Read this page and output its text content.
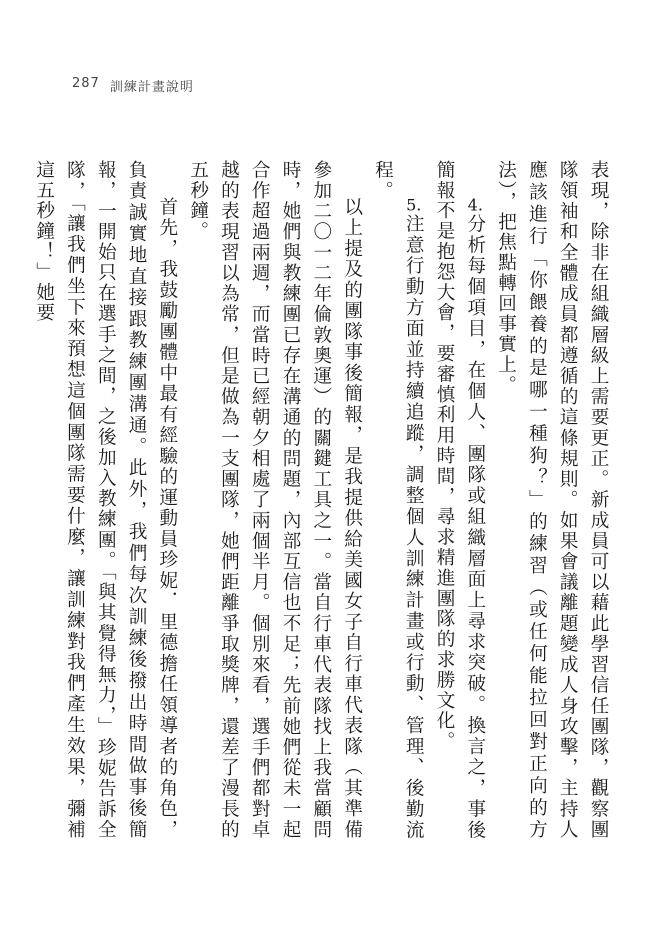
287 訓練計畫說明

表現，除非在組織層級上需要更正。新成員可以藉此學習信任團隊，觀察團隊領袖和全體成員都遵循的這條規則。如果會議離題變成人身攻擊，主持人應該進行「你餵養的是哪一種狗？」的練習（或任何能拉回對正向的方法），把焦點轉回事實上。

4.分析每個項目，在個人、團隊或組織層面上尋求突破。換言之，事後簡報不是抱怨大會，要審慎利用時間，尋求精進團隊的求勝文化。

5.注意行動方面並持續追蹤，調整個人訓練計畫或行動、管理、後勤流程。

以上提及的團隊事後簡報，是我提供給美國女子自行車代表隊（其準備參加二〇一二年倫敦奧運）的關鍵工具之一。當自行車代表隊找上我當顧問時，她們與教練團已存在溝通的問題，內部互信也不足；先前她們從未一起合作超過兩週，而當時已經朝夕相處了兩個半月。個別來看，選手們都對卓越的表現習以為常，但是做為一支團隊，她們距離爭取獎牌，還差了漫長的五秒鐘。

首先，我鼓勵團體中最有經驗的運動員珍妮．里德擔任領導者的角色，負責誠實地直接跟教練團溝通。此外，我們每次訓練後撥出時間做事後簡報，一開始只在選手之間，之後加入教練團。「與其覺得無力，」珍妮告訴全隊，「讓我們坐下來預想這個團隊需要什麼，讓訓練對我們產生效果，彌補這五秒鐘！」她要
